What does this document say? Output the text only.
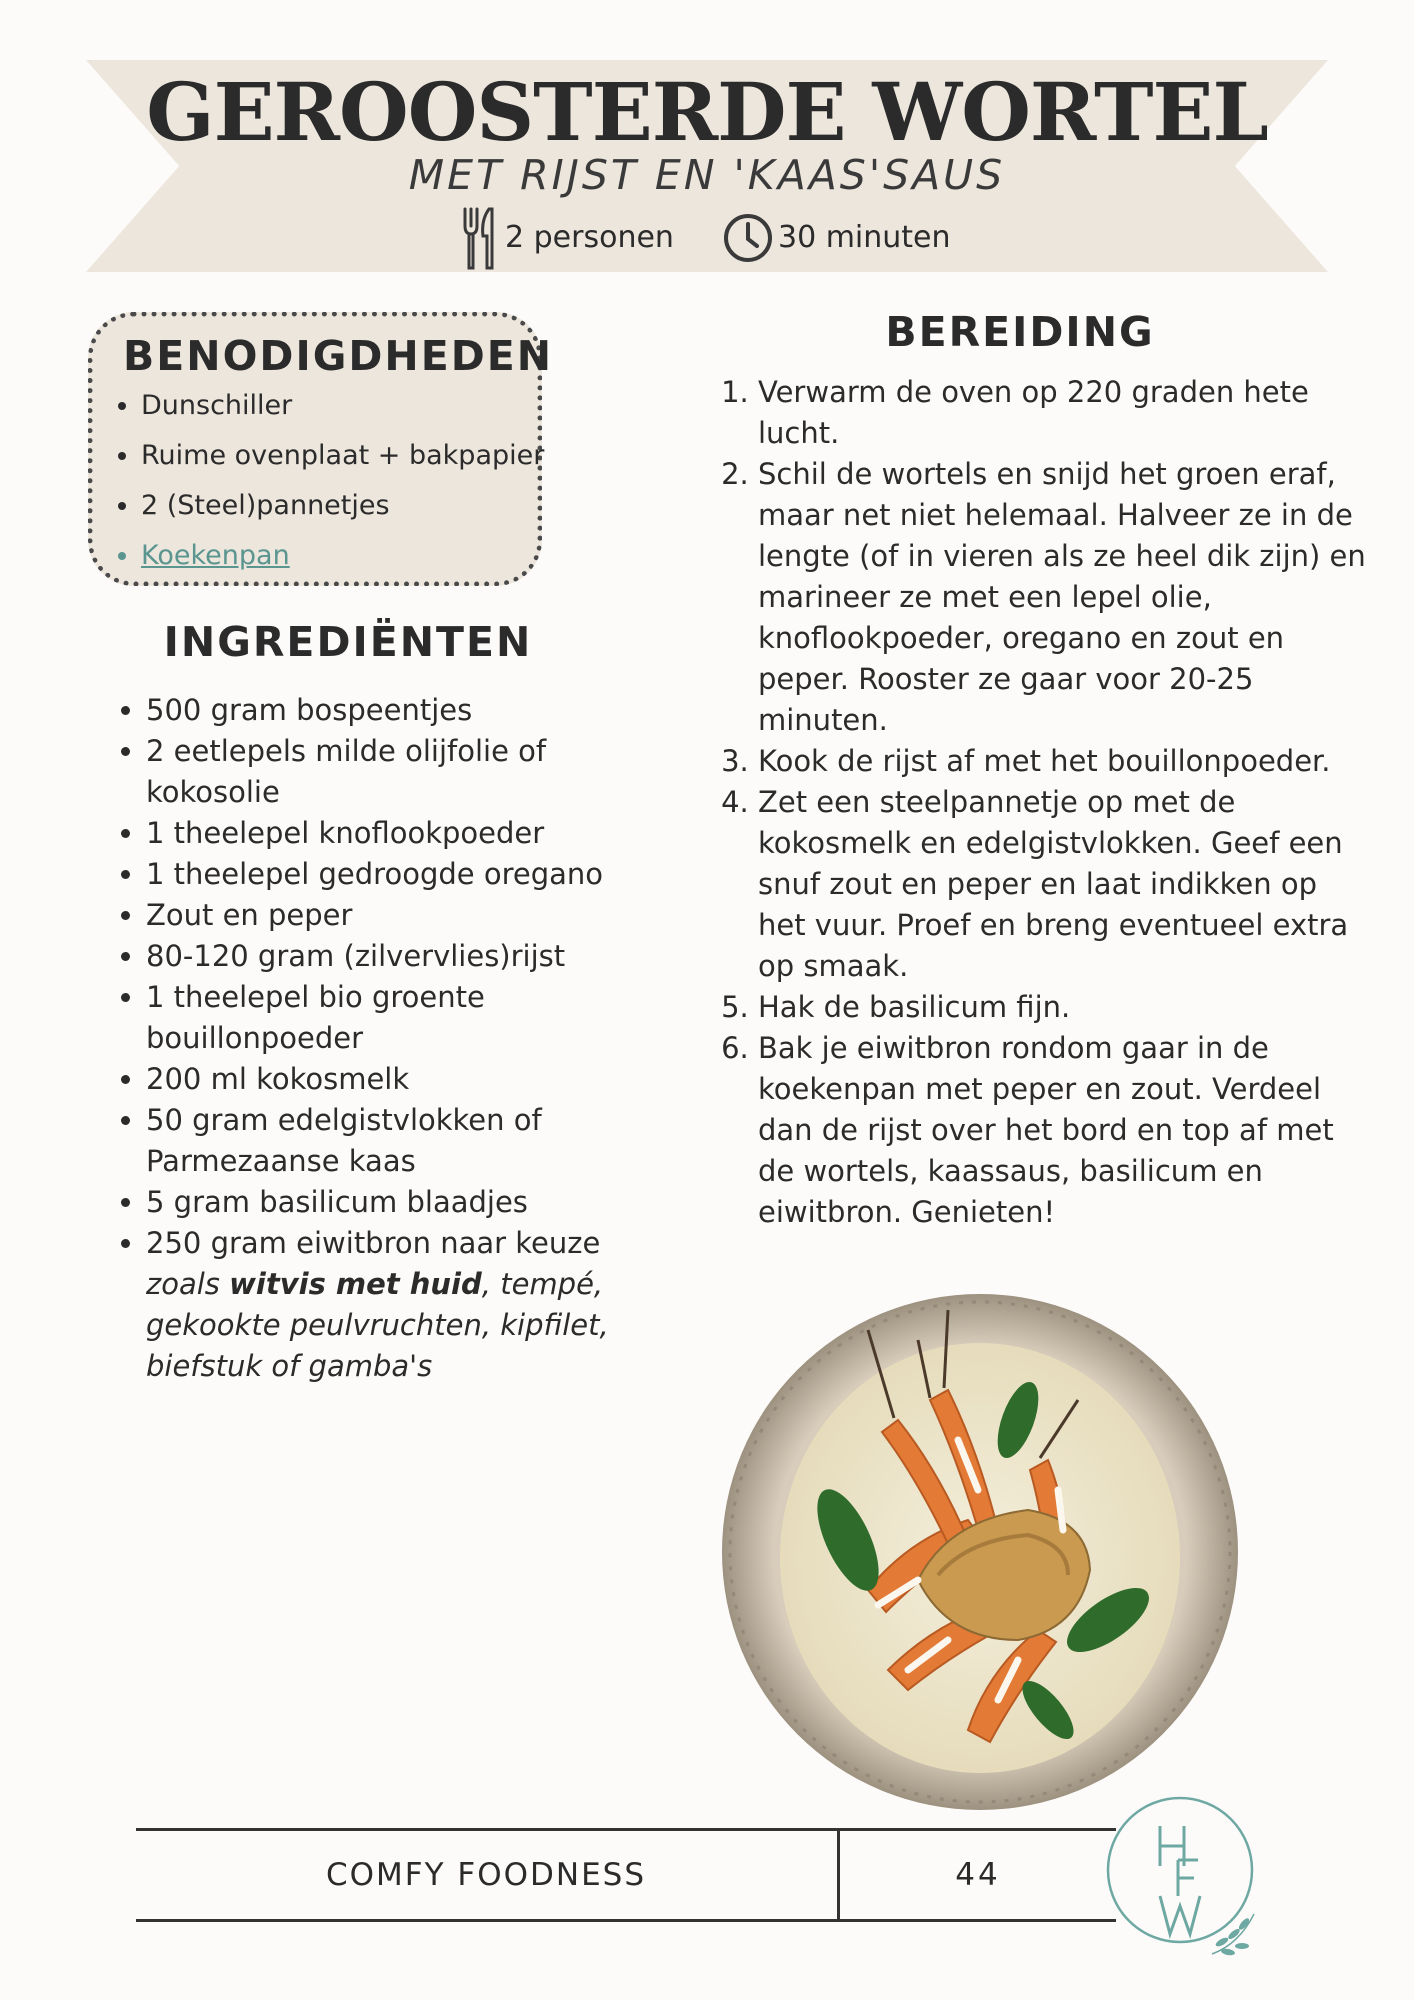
GEROOSTERDE WORTEL
MET RIJST EN 'KAAS'SAUS
2 personen	30 minuten
BENODIGDHEDEN
• Dunschiller
• Ruime ovenplaat + bakpapier
• 2 (Steel)pannetjes
• Koekenpan
INGREDIËNTEN
• 500 gram bospeentjes
• 2 eetlepels milde olijfolie of kokosolie
• 1 theelepel knoflookpoeder
• 1 theelepel gedroogde oregano
• Zout en peper
• 80-120 gram (zilvervlies)rijst
• 1 theelepel bio groente bouillonpoeder
• 200 ml kokosmelk
• 50 gram edelgistvlokken of Parmezaanse kaas
• 5 gram basilicum blaadjes
• 250 gram eiwitbron naar keuze
zoals witvis met huid, tempé, gekookte peulvruchten, kipfilet, biefstuk of gamba's
BEREIDING
1. Verwarm de oven op 220 graden hete lucht.
2. Schil de wortels en snijd het groen eraf, maar net niet helemaal. Halveer ze in de lengte (of in vieren als ze heel dik zijn) en marineer ze met een lepel olie, knoflookpoeder, oregano en zout en peper. Rooster ze gaar voor 20-25 minuten.
3. Kook de rijst af met het bouillonpoeder.
4. Zet een steelpannetje op met de kokosmelk en edelgistvlokken. Geef een snuf zout en peper en laat indikken op het vuur. Proef en breng eventueel extra op smaak.
5. Hak de basilicum fijn.
6. Bak je eiwitbron rondom gaar in de koekenpan met peper en zout. Verdeel dan de rijst over het bord en top af met de wortels, kaassaus, basilicum en eiwitbron. Genieten!
COMFY FOODNESS	44
